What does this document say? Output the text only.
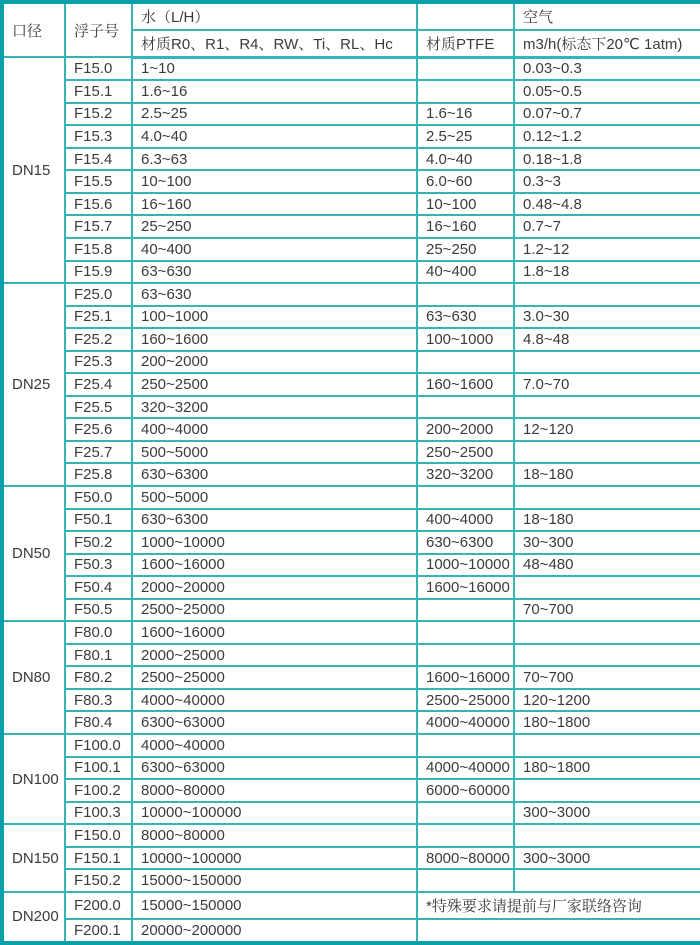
口径	浮子号	水（L/H）		空气
		材质R0、R1、R4、RW、Ti、RL、Hc	材质PTFE	m3/h(标态下20℃ 1atm)
DN15	F15.0	1~10		0.03~0.3
	F15.1	1.6~16		0.05~0.5
	F15.2	2.5~25	1.6~16	0.07~0.7
	F15.3	4.0~40	2.5~25	0.12~1.2
	F15.4	6.3~63	4.0~40	0.18~1.8
	F15.5	10~100	6.0~60	0.3~3
	F15.6	16~160	10~100	0.48~4.8
	F15.7	25~250	16~160	0.7~7
	F15.8	40~400	25~250	1.2~12
	F15.9	63~630	40~400	1.8~18
DN25	F25.0	63~630		
	F25.1	100~1000	63~630	3.0~30
	F25.2	160~1600	100~1000	4.8~48
	F25.3	200~2000		
	F25.4	250~2500	160~1600	7.0~70
	F25.5	320~3200		
	F25.6	400~4000	200~2000	12~120
	F25.7	500~5000	250~2500	
	F25.8	630~6300	320~3200	18~180
DN50	F50.0	500~5000		
	F50.1	630~6300	400~4000	18~180
	F50.2	1000~10000	630~6300	30~300
	F50.3	1600~16000	1000~10000	48~480
	F50.4	2000~20000	1600~16000	
	F50.5	2500~25000		70~700
DN80	F80.0	1600~16000		
	F80.1	2000~25000		
	F80.2	2500~25000	1600~16000	70~700
	F80.3	4000~40000	2500~25000	120~1200
	F80.4	6300~63000	4000~40000	180~1800
DN100	F100.0	4000~40000		
	F100.1	6300~63000	4000~40000	180~1800
	F100.2	8000~80000	6000~60000	
	F100.3	10000~100000		300~3000
DN150	F150.0	8000~80000		
	F150.1	10000~100000	8000~80000	300~3000
	F150.2	15000~150000		
DN200	F200.0	15000~150000	*特殊要求请提前与厂家联络咨询	
	F200.1	20000~200000		
